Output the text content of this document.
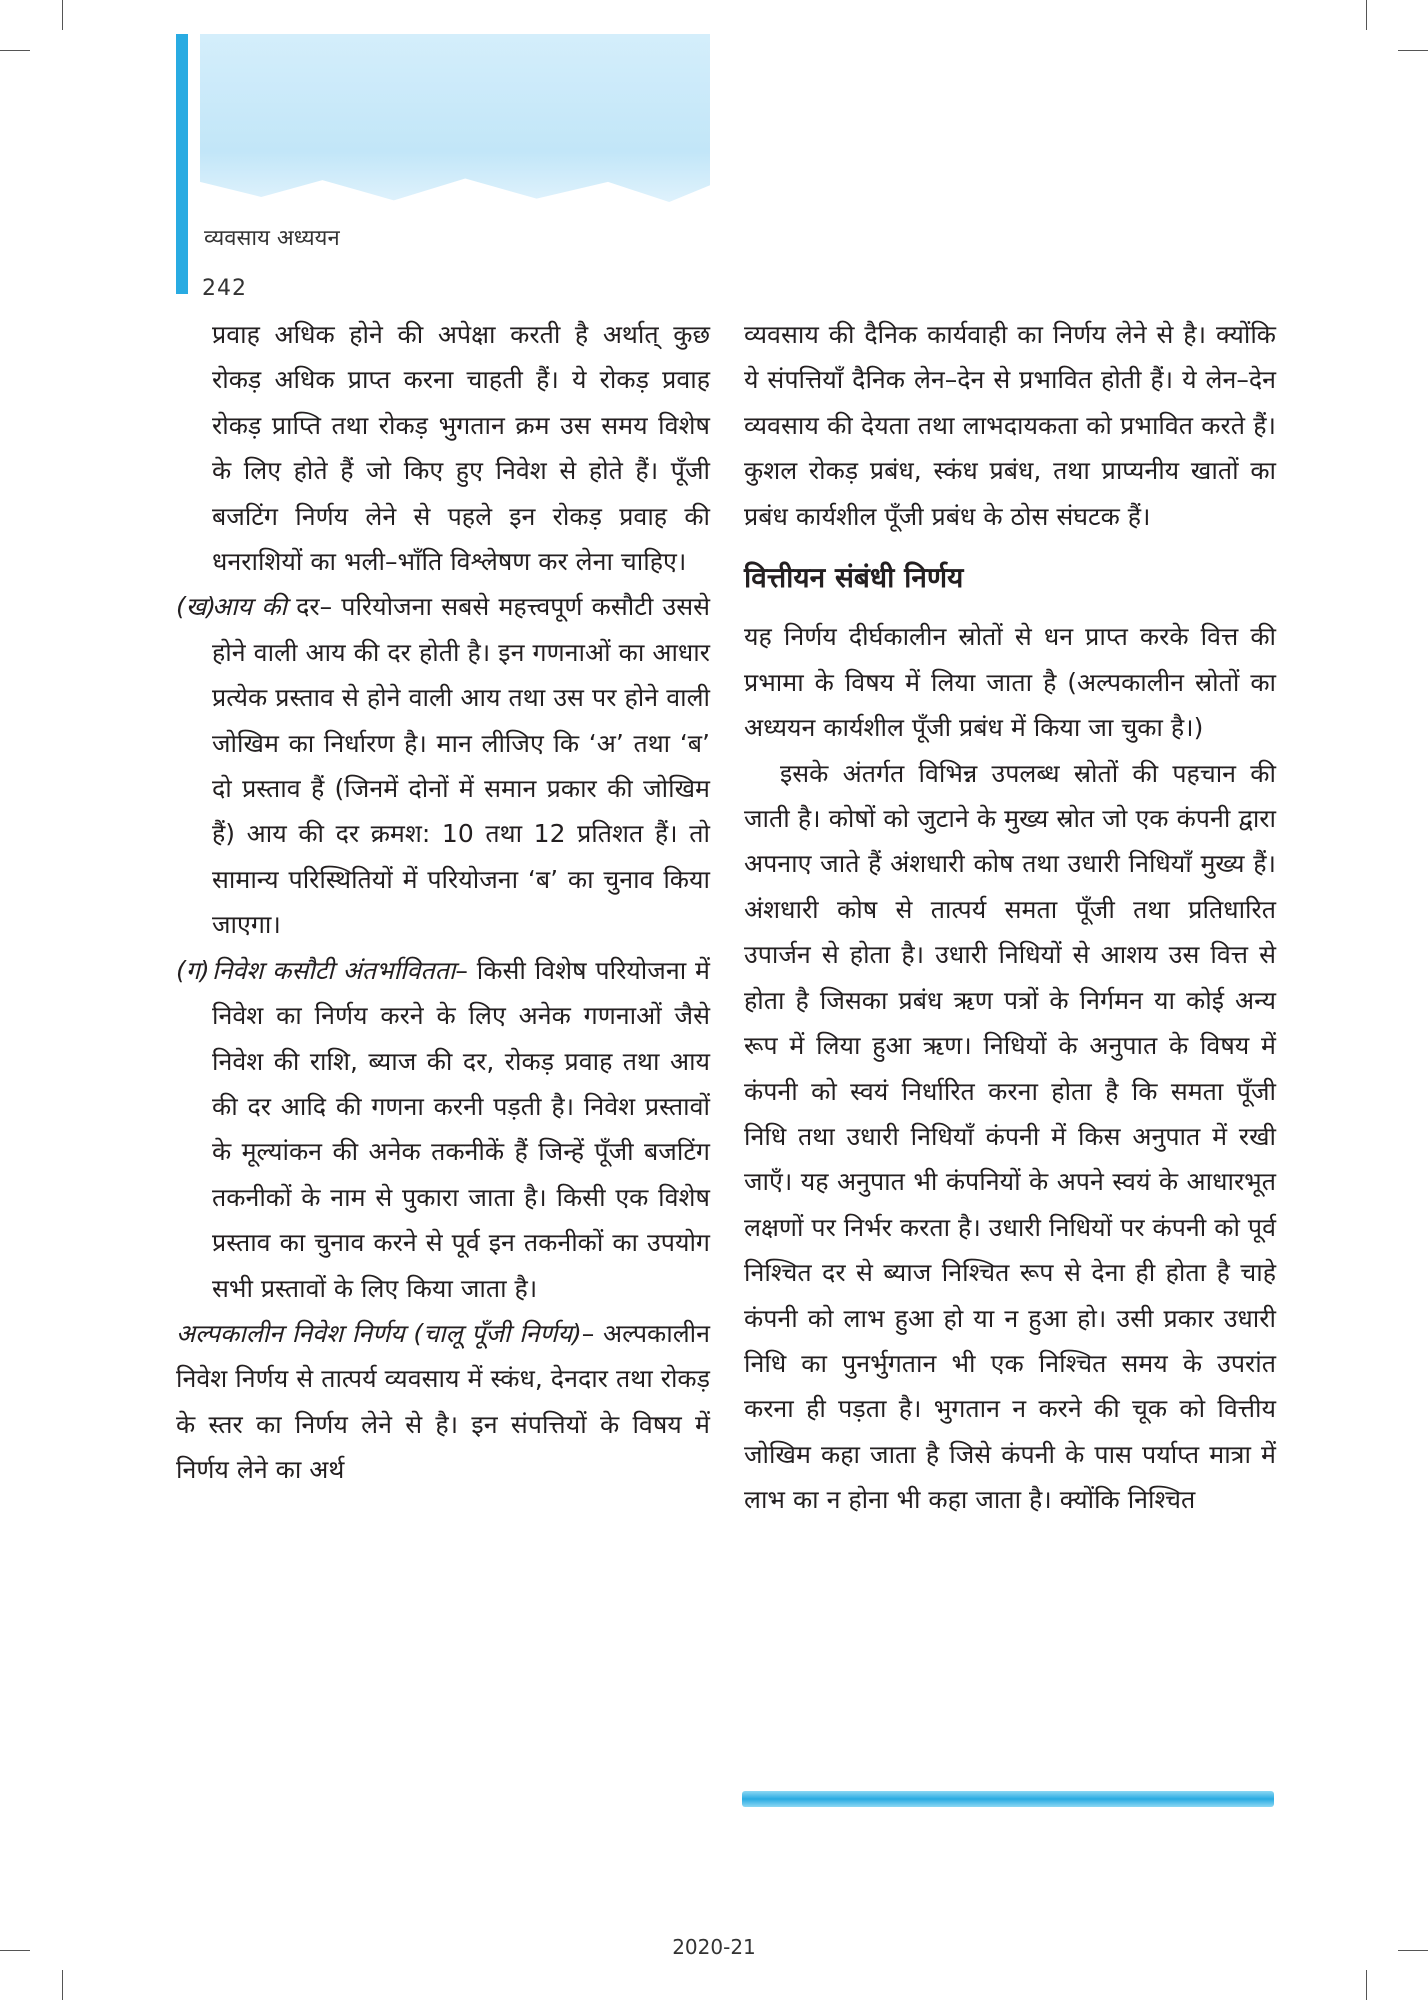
व्यवसाय अध्ययन
242

प्रवाह अधिक होने की अपेक्षा करती है अर्थात् कुछ रोकड़ अधिक प्राप्त करना चाहती हैं। ये रोकड़ प्रवाह रोकड़ प्राप्ति तथा रोकड़ भुगतान क्रम उस समय विशेष के लिए होते हैं जो किए हुए निवेश से होते हैं। पूँजी बजटिंग निर्णय लेने से पहले इन रोकड़ प्रवाह की धनराशियों का भली–भाँति विश्लेषण कर लेना चाहिए।

(ख)

आय की दर– परियोजना सबसे महत्त्वपूर्ण कसौटी उससे होने वाली आय की दर होती है। इन गणनाओं का आधार प्रत्येक प्रस्ताव से होने वाली आय तथा उस पर होने वाली जोखिम का निर्धारण है। मान लीजिए कि ‘अ’ तथा ‘ब’ दो प्रस्ताव हैं (जिनमें दोनों में समान प्रकार की जोखिम हैं) आय की दर क्रमश: 10 तथा 12 प्रतिशत हैं। तो सामान्य परिस्थितियों में परियोजना ‘ब’ का चुनाव किया जाएगा।

(ग) निवेश कसौटी अंतर्भावितता– किसी विशेष परियोजना में निवेश का निर्णय करने के लिए अनेक गणनाओं जैसे निवेश की राशि, ब्याज की दर, रोकड़ प्रवाह तथा आय की दर आदि की गणना करनी पड़ती है। निवेश प्रस्तावों के मूल्यांकन की अनेक तकनीकें हैं जिन्हें पूँजी बजटिंग तकनीकों के नाम से पुकारा जाता है। किसी एक विशेष प्रस्ताव का चुनाव करने से पूर्व इन तकनीकों का उपयोग सभी प्रस्तावों के लिए किया जाता है।

अल्पकालीन निवेश निर्णय (चालू पूँजी निर्णय)– अल्पकालीन निवेश निर्णय से तात्पर्य व्यवसाय में स्कंध, देनदार तथा रोकड़ के स्तर का निर्णय लेने से है। इन संपत्तियों के विषय में निर्णय लेने का अर्थ

व्यवसाय की दैनिक कार्यवाही का निर्णय लेने से है। क्योंकि ये संपत्तियाँ दैनिक लेन–देन से प्रभावित होती हैं। ये लेन–देन व्यवसाय की देयता तथा लाभदायकता को प्रभावित करते हैं। कुशल रोकड़ प्रबंध, स्कंध प्रबंध, तथा प्राप्यनीय खातों का प्रबंध कार्यशील पूँजी प्रबंध के ठोस संघटक हैं।

वित्तीयन संबंधी निर्णय

यह निर्णय दीर्घकालीन स्रोतों से धन प्राप्त करके वित्त की प्रभामा के विषय में लिया जाता है (अल्पकालीन स्रोतों का अध्ययन कार्यशील पूँजी प्रबंध में किया जा चुका है।)

इसके अंतर्गत विभिन्न उपलब्ध स्रोतों की पहचान की जाती है। कोषों को जुटाने के मुख्य स्रोत जो एक कंपनी द्वारा अपनाए जाते हैं अंशधारी कोष तथा उधारी निधियाँ मुख्य हैं। अंशधारी कोष से तात्पर्य समता पूँजी तथा प्रतिधारित उपार्जन से होता है। उधारी निधियों से आशय उस वित्त से होता है जिसका प्रबंध ऋण पत्रों के निर्गमन या कोई अन्य रूप में लिया हुआ ऋण। निधियों के अनुपात के विषय में कंपनी को स्वयं निर्धारित करना होता है कि समता पूँजी निधि तथा उधारी निधियाँ कंपनी में किस अनुपात में रखी जाएँ। यह अनुपात भी कंपनियों के अपने स्वयं के आधारभूत लक्षणों पर निर्भर करता है। उधारी निधियों पर कंपनी को पूर्व निश्चित दर से ब्याज निश्चित रूप से देना ही होता है चाहे कंपनी को लाभ हुआ हो या न हुआ हो। उसी प्रकार उधारी निधि का पुनर्भुगतान भी एक निश्चित समय के उपरांत करना ही पड़ता है। भुगतान न करने की चूक को वित्तीय जोखिम कहा जाता है जिसे कंपनी के पास पर्याप्त मात्रा में लाभ का न होना भी कहा जाता है। क्योंकि निश्चित

2020-21
